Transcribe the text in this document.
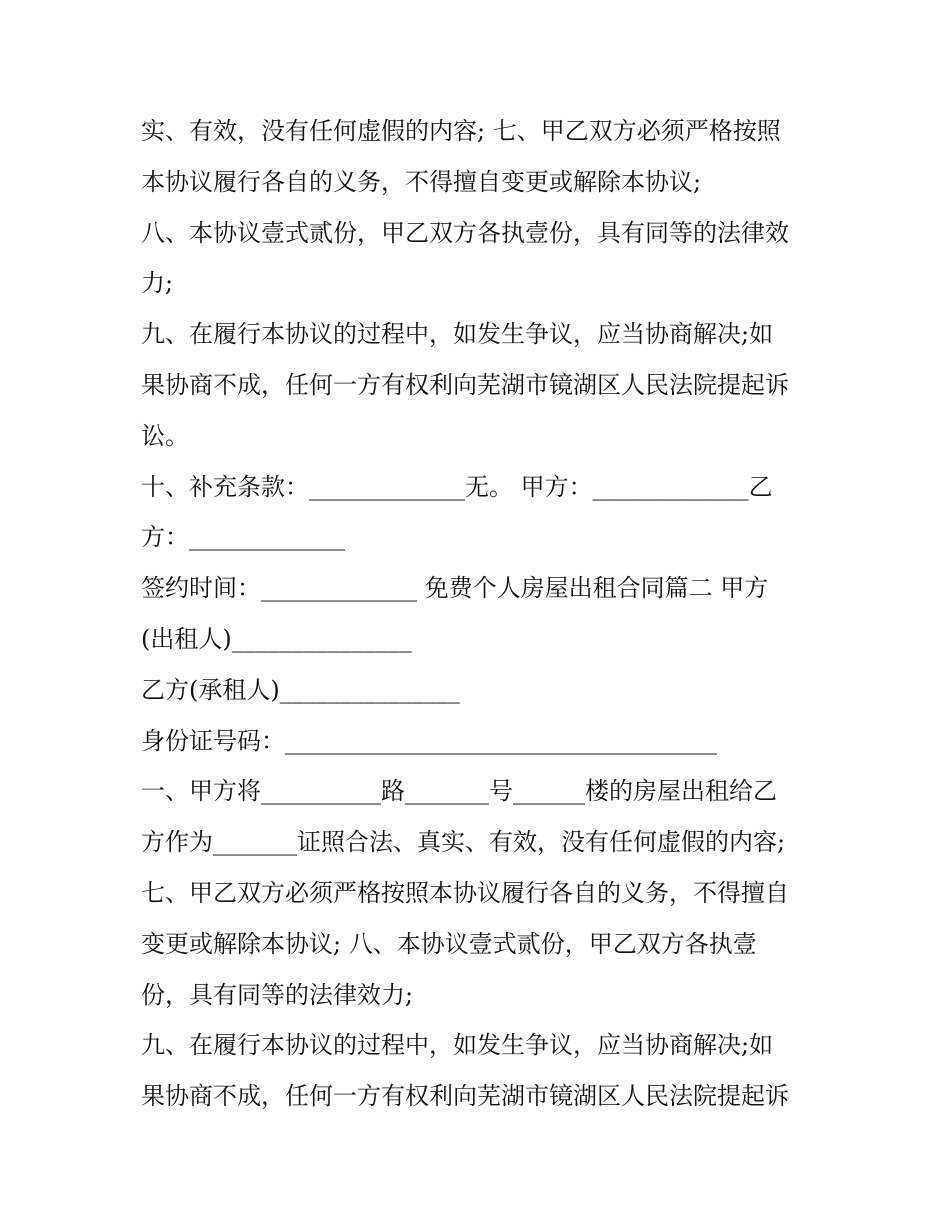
实、有效，没有任何虚假的内容; 七、甲乙双方必须严格按照
本协议履行各自的义务，不得擅自变更或解除本协议;
八、本协议壹式贰份，甲乙双方各执壹份，具有同等的法律效
力;
九、在履行本协议的过程中，如发生争议，应当协商解决;如
果协商不成，任何一方有权利向芜湖市镜湖区人民法院提起诉
讼。
十、补充条款：_____________无。 甲方：_____________乙
方：_____________
签约时间：_____________ 免费个人房屋出租合同篇二 甲方
(出租人)_______________
乙方(承租人)_______________
身份证号码：____________________________________
一、甲方将__________路_______号______楼的房屋出租给乙
方作为_______证照合法、真实、有效，没有任何虚假的内容;
七、甲乙双方必须严格按照本协议履行各自的义务，不得擅自
变更或解除本协议; 八、本协议壹式贰份，甲乙双方各执壹
份，具有同等的法律效力;
九、在履行本协议的过程中，如发生争议，应当协商解决;如
果协商不成，任何一方有权利向芜湖市镜湖区人民法院提起诉
